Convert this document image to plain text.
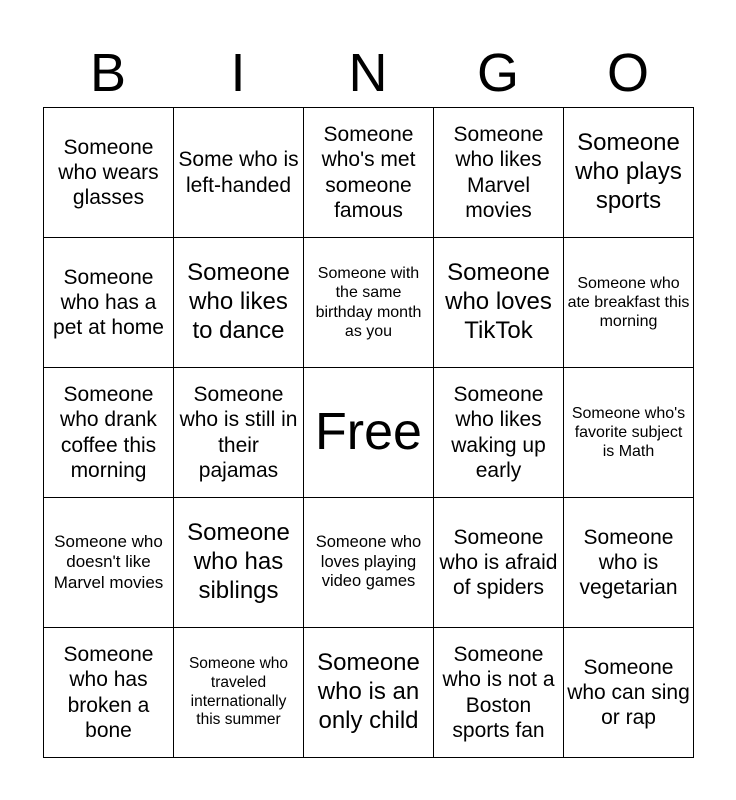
B	I	N	G	O
Someone who wears glasses	Some who is left-handed	Someone who's met someone famous	Someone who likes Marvel movies	Someone who plays sports
Someone who has a pet at home	Someone who likes to dance	Someone with the same birthday month as you	Someone who loves TikTok	Someone who ate breakfast this morning
Someone who drank coffee this morning	Someone who is still in their pajamas	Free	Someone who likes waking up early	Someone who's favorite subject is Math
Someone who doesn't like Marvel movies	Someone who has siblings	Someone who loves playing video games	Someone who is afraid of spiders	Someone who is vegetarian
Someone who has broken a bone	Someone who traveled internationally this summer	Someone who is an only child	Someone who is not a Boston sports fan	Someone who can sing or rap
